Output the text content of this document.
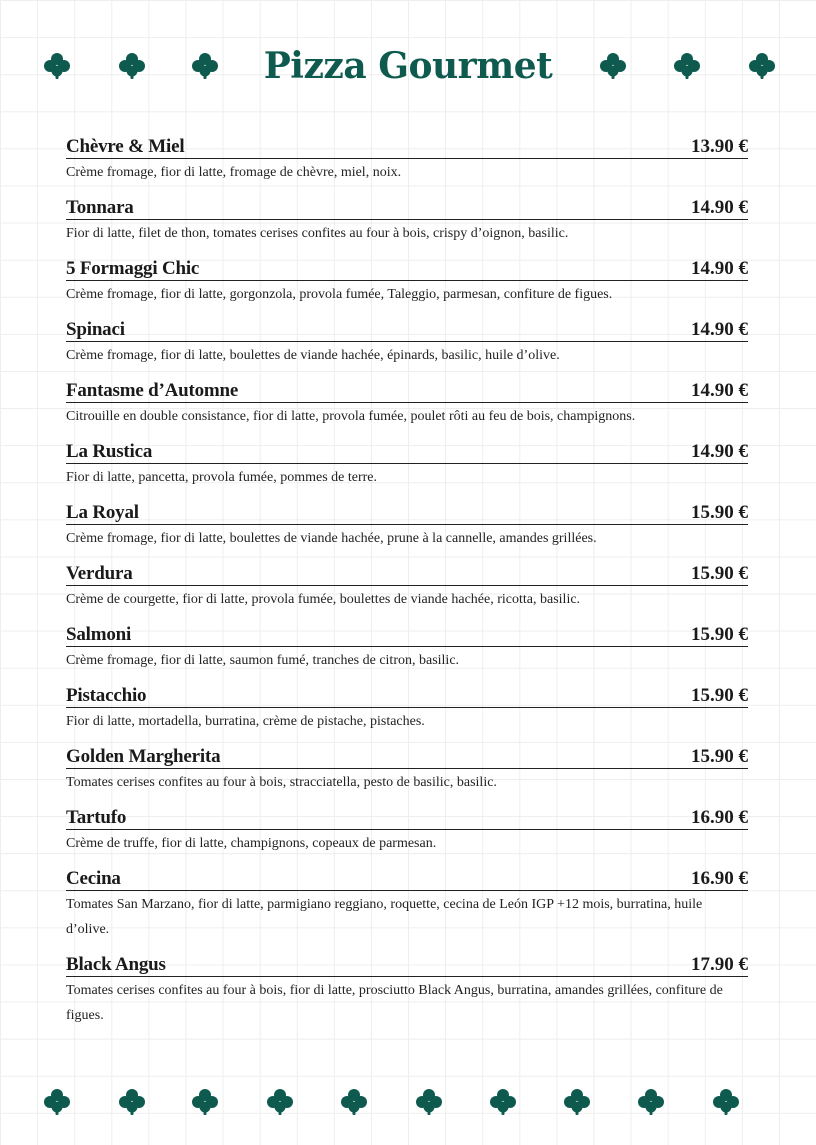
Pizza Gourmet
Chèvre & Miel	13.90 €
Crème fromage, fior di latte, fromage de chèvre, miel, noix.
Tonnara	14.90 €
Fior di latte, filet de thon, tomates cerises confites au four à bois, crispy d’oignon, basilic.
5 Formaggi Chic	14.90 €
Crème fromage, fior di latte, gorgonzola, provola fumée, Taleggio, parmesan, confiture de figues.
Spinaci	14.90 €
Crème fromage, fior di latte, boulettes de viande hachée, épinards, basilic, huile d’olive.
Fantasme d’Automne	14.90 €
Citrouille en double consistance, fior di latte, provola fumée, poulet rôti au feu de bois, champignons.
La Rustica	14.90 €
Fior di latte, pancetta, provola fumée, pommes de terre.
La Royal	15.90 €
Crème fromage, fior di latte, boulettes de viande hachée, prune à la cannelle, amandes grillées.
Verdura	15.90 €
Crème de courgette, fior di latte, provola fumée, boulettes de viande hachée, ricotta, basilic.
Salmoni	15.90 €
Crème fromage, fior di latte, saumon fumé, tranches de citron, basilic.
Pistacchio	15.90 €
Fior di latte, mortadella, burratina, crème de pistache, pistaches.
Golden Margherita	15.90 €
Tomates cerises confites au four à bois, stracciatella, pesto de basilic, basilic.
Tartufo	16.90 €
Crème de truffe, fior di latte, champignons, copeaux de parmesan.
Cecina	16.90 €
Tomates San Marzano, fior di latte, parmigiano reggiano, roquette, cecina de León IGP +12 mois, burratina, huile d’olive.
Black Angus	17.90 €
Tomates cerises confites au four à bois, fior di latte, prosciutto Black Angus, burratina, amandes grillées, confiture de figues.
